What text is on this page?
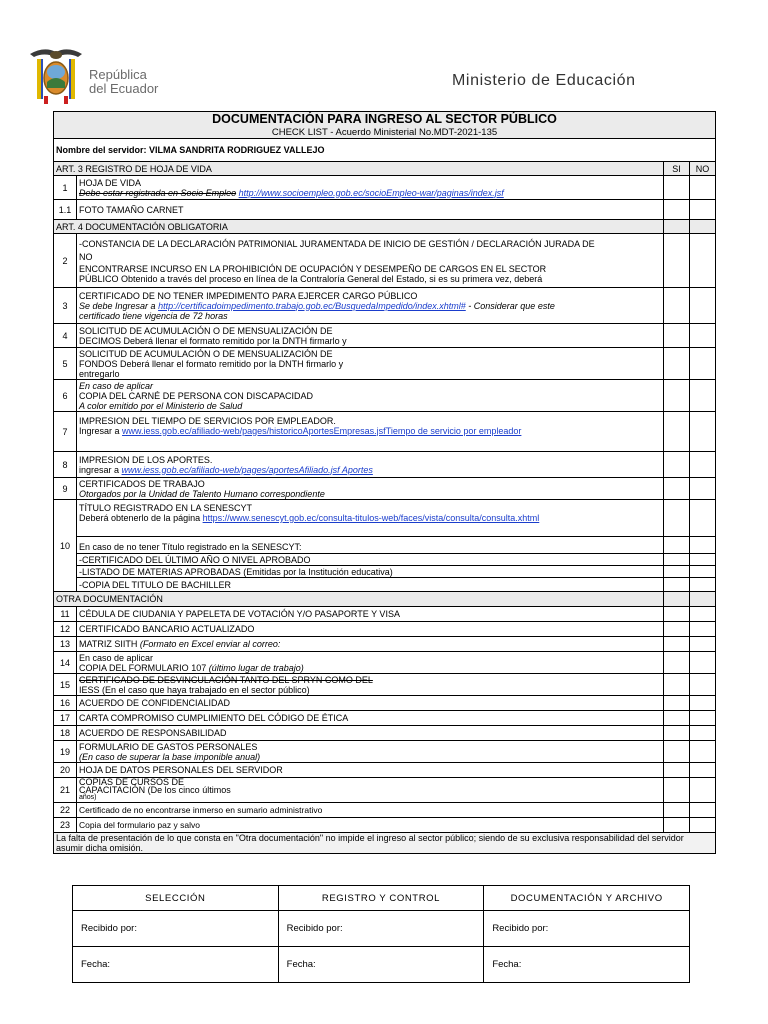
República
del Ecuador	Ministerio de Educación
DOCUMENTACIÓN PARA INGRESO AL SECTOR PÚBLICO
CHECK LIST - Acuerdo Ministerial No.MDT-2021-135			

Nombre del servidor: VILMA SANDRITA RODRIGUEZ VALLEJO			
ART. 3 REGISTRO DE HOJA DE VIDA		SI	NO
1	HOJA DE VIDA
Debe estar registrada en Socio Empleo http://www.socioempleo.gob.ec/socioEmpleo-war/paginas/index.jsf		

1.1	FOTO TAMAÑO CARNET		
ART. 4 DOCUMENTACIÓN OBLIGATORIA			
2	-CONSTANCIA DE LA DECLARACIÓN PATRIMONIAL JURAMENTADA DE INICIO DE GESTIÓN / DECLARACIÓN JURADA DE
NO
ENCONTRARSE INCURSO EN LA PROHIBICIÓN DE OCUPACIÓN Y DESEMPEÑO DE CARGOS EN EL SECTOR
PÚBLICO Obtenido a través del proceso en línea de la Contraloría General del Estado, si es su primera vez, deberá		

3	CERTIFICADO DE NO TENER IMPEDIMENTO PARA EJERCER CARGO PÚBLICO
Se debe Ingresar a http://certificadoimpedimento.trabajo.gob.ec/BusquedaImpedido/index.xhtml# - Considerar que este
certificado tiene vigencia de 72 horas		

4	SOLICITUD DE ACUMULACIÓN O DE MENSUALIZACIÓN DE
DECIMOS Deberá llenar el formato remitido por la DNTH firmarlo y		

5	SOLICITUD DE ACUMULACIÓN O DE MENSUALIZACIÓN DE
FONDOS Deberá llenar el formato remitido por la DNTH firmarlo y
entregarlo		

6	En caso de aplicar
COPIA DEL CARNÉ DE PERSONA CON DISCAPACIDAD
A color emitido por el Ministerio de Salud		

7	IMPRESION DEL TIEMPO DE SERVICIOS POR EMPLEADOR.
Ingresar a www.iess.gob.ec/afiliado-web/pages/historicoAportesEmpresas.jsfTiempo de servicio por empleador		

8	IMPRESION DE LOS APORTES.
ingresar a www.iess.gob.ec/afiliado-web/pages/aportesAfiliado.jsf Aportes		

9	CERTIFICADOS DE TRABAJO
Otorgados por la Unidad de Talento Humano correspondiente		

10	TÍTULO REGISTRADO EN LA SENESCYT
Deberá obtenerlo de la página https://www.senescyt.gob.ec/consulta-titulos-web/faces/vista/consulta/consulta.xhtml		

	En caso de no tener Título registrado en la SENESCYT:		
	-CERTIFICADO DEL ÚLTIMO AÑO O NIVEL APROBADO		
	-LISTADO DE MATERIAS APROBADAS (Emitidas por la Institución educativa)		
	-COPIA DEL TITULO DE BACHILLER		
OTRA DOCUMENTACIÓN			
11	CÉDULA DE CIUDANIA Y PAPELETA DE VOTACIÓN Y/O PASAPORTE Y VISA		
12	CERTIFICADO BANCARIO ACTUALIZADO		
13	MATRIZ SIITH (Formato en Excel enviar al correo:		
14	En caso de aplicar
COPIA DEL FORMULARIO 107 (último lugar de trabajo)		

15	CERTIFICADO DE DESVINCULACIÓN TANTO DEL SPRYN COMO DEL
IESS (En el caso que haya trabajado en el sector público)		

16	ACUERDO DE CONFIDENCIALIDAD		
17	CARTA COMPROMISO CUMPLIMIENTO DEL CÓDIGO DE ÉTICA		
18	ACUERDO DE RESPONSABILIDAD		
19	FORMULARIO DE GASTOS PERSONALES
(En caso de superar la base imponible anual)		

20	HOJA DE DATOS PERSONALES DEL SERVIDOR		
21	COPIAS DE CURSOS DE
CAPACITACIÓN (De los cinco últimos
años)		

22	Certificado de no encontrarse inmerso en sumario administrativo		
23	Copia del formulario paz y salvo		
La falta de presentación de lo que consta en "Otra documentación" no impide el ingreso al sector público; siendo de su exclusiva responsabilidad del servidor asumir dicha omisión.			
SELECCIÓN	REGISTRO Y CONTROL	DOCUMENTACIÓN Y ARCHIVO
Recibido por:	Recibido por:	Recibido por:
Fecha:	Fecha:	Fecha:
